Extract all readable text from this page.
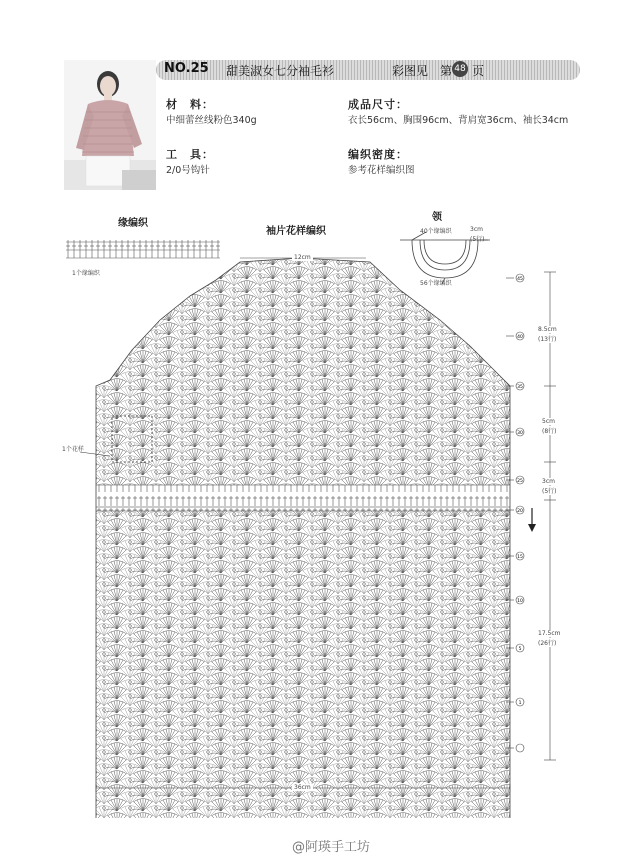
NO.25 甜美淑女七分袖毛衫	彩图见 第 48 页
材　料：
中细蕾丝线粉色340g
工　具：
2/0号钩针
成品尺寸：
衣长56cm、胸围96cm、背肩宽36cm、袖长34cm
编织密度：
参考花样编织图
缘编织
1个缘编织
领
40个缘编织
56个缘编织
3cm
(5行)
袖片花样编织
45
40
35
30
25
20
15
10
5
1
12cm
36cm
1个花样
8.5cm
(13行)
5cm
(8行)
3cm
(5行)
17.5cm
(26行)
@阿瑛手工坊
